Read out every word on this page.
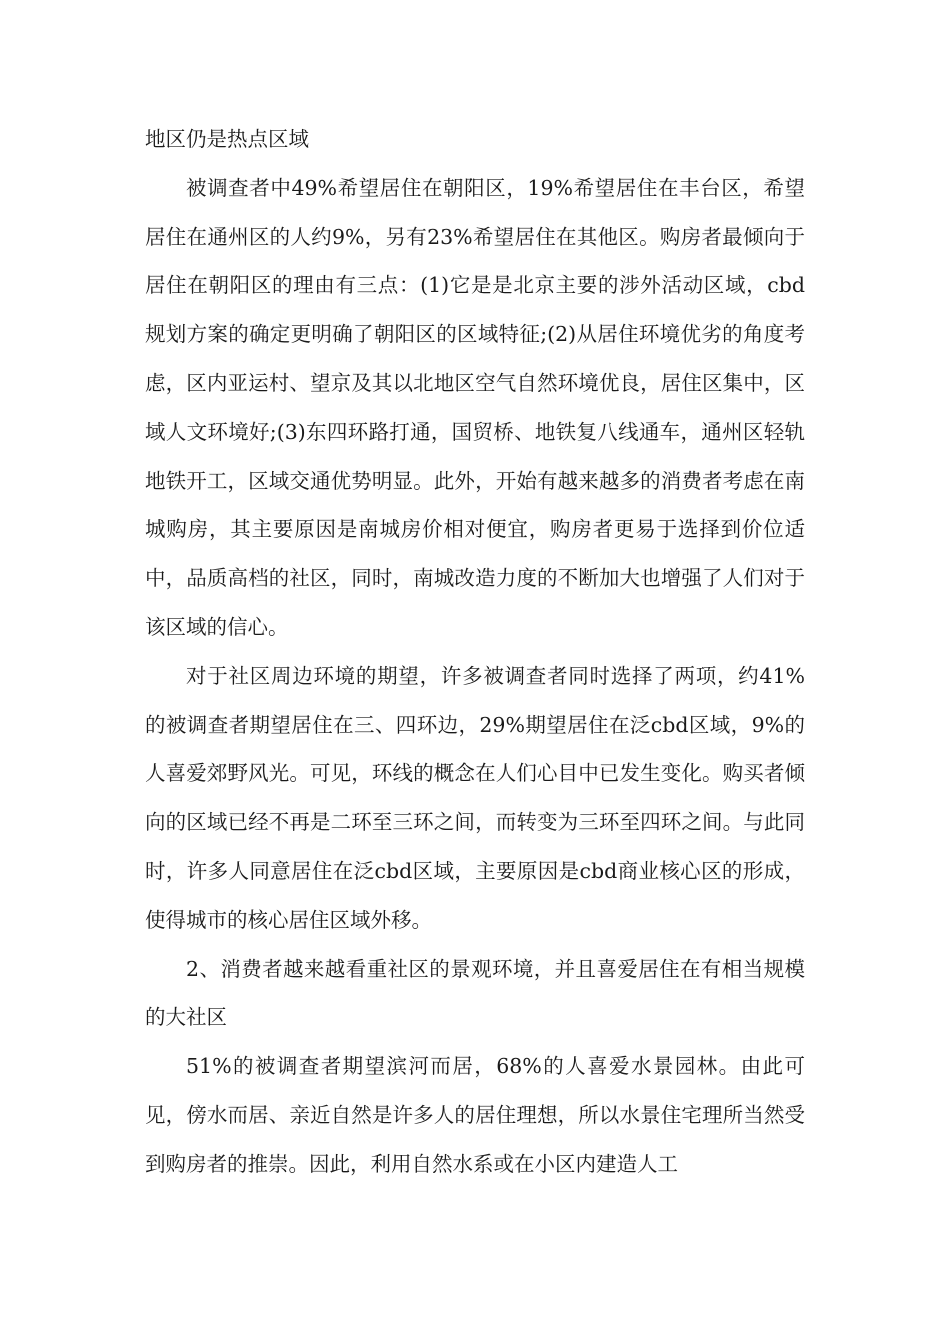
地区仍是热点区域

被调查者中49%希望居住在朝阳区，19%希望居住在丰台区，希望居住在通州区的人约9%，另有23%希望居住在其他区。购房者最倾向于居住在朝阳区的理由有三点：(1)它是是北京主要的涉外活动区域，cbd规划方案的确定更明确了朝阳区的区域特征;(2)从居住环境优劣的角度考虑，区内亚运村、望京及其以北地区空气自然环境优良，居住区集中，区域人文环境好;(3)东四环路打通，国贸桥、地铁复八线通车，通州区轻轨地铁开工，区域交通优势明显。此外，开始有越来越多的消费者考虑在南城购房，其主要原因是南城房价相对便宜，购房者更易于选择到价位适中，品质高档的社区，同时，南城改造力度的不断加大也增强了人们对于该区域的信心。

对于社区周边环境的期望，许多被调查者同时选择了两项，约41%的被调查者期望居住在三、四环边，29%期望居住在泛cbd区域，9%的人喜爱郊野风光。可见，环线的概念在人们心目中已发生变化。购买者倾向的区域已经不再是二环至三环之间，而转变为三环至四环之间。与此同时，许多人同意居住在泛cbd区域，主要原因是cbd商业核心区的形成，使得城市的核心居住区域外移。

2、消费者越来越看重社区的景观环境，并且喜爱居住在有相当规模的大社区

51%的被调查者期望滨河而居，68%的人喜爱水景园林。由此可见，傍水而居、亲近自然是许多人的居住理想，所以水景住宅理所当然受到购房者的推崇。因此，利用自然水系或在小区内建造人工
